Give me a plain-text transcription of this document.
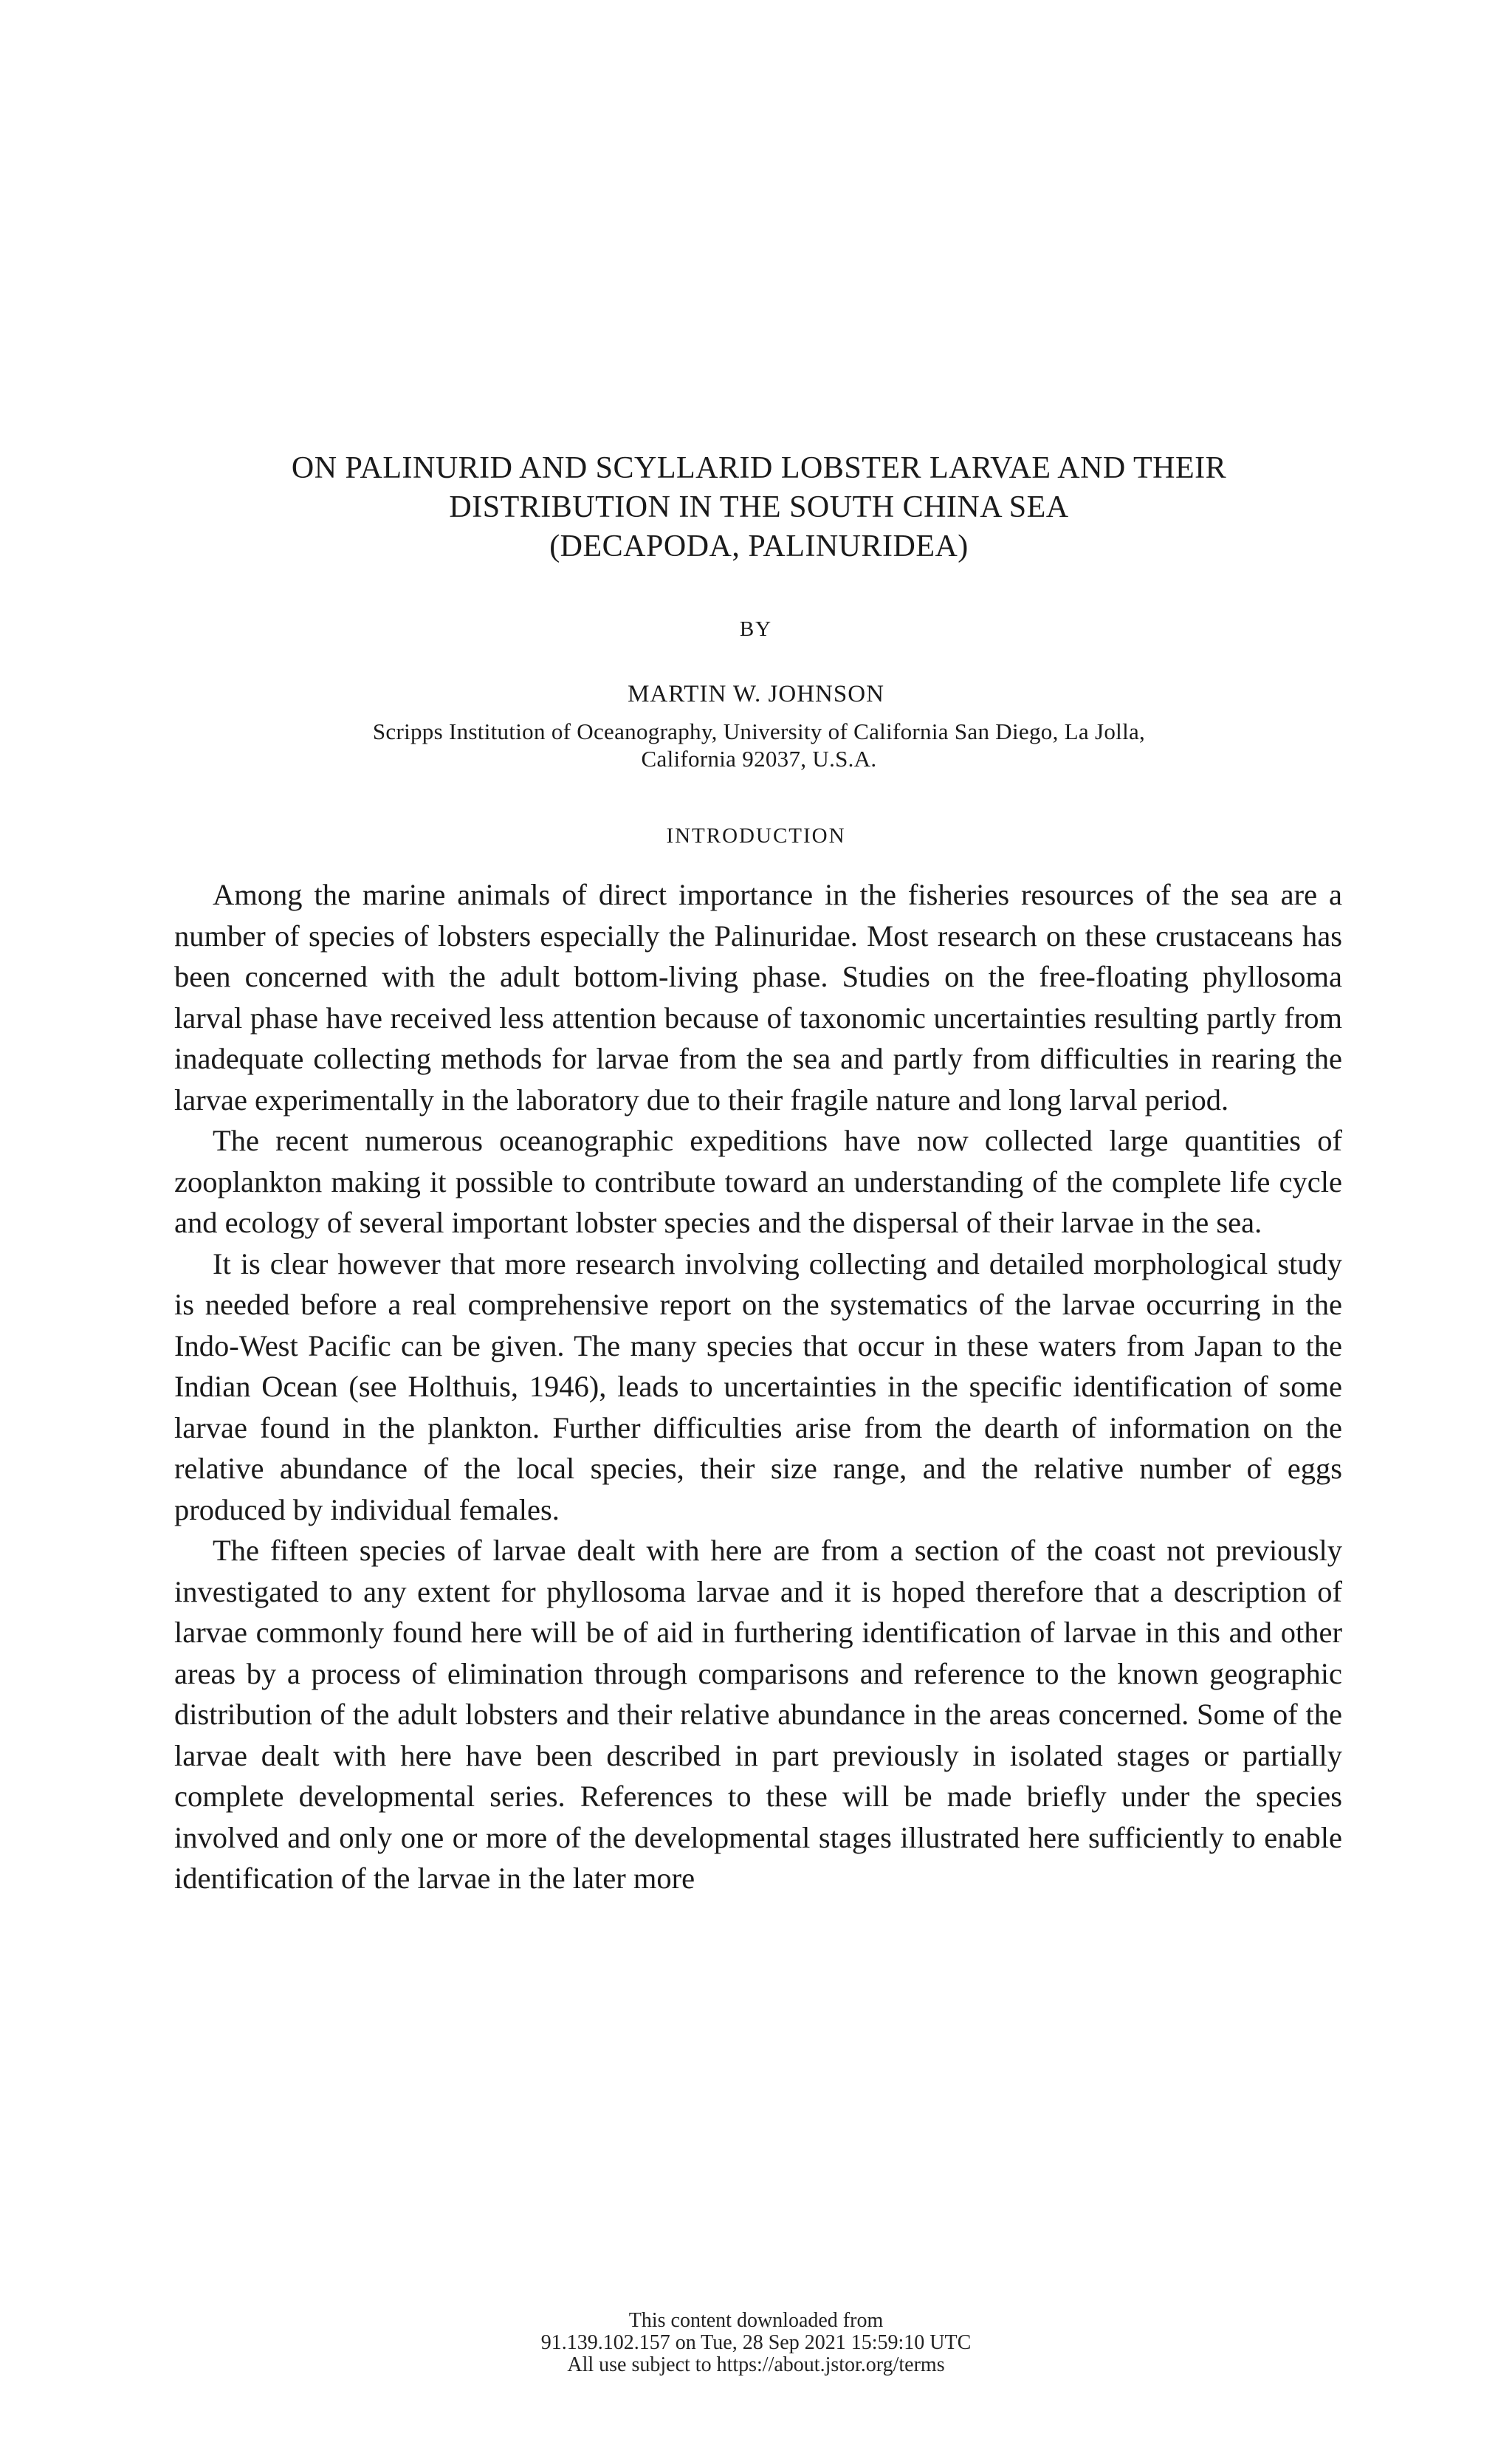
ON PALINURID AND SCYLLARID LOBSTER LARVAE AND THEIR
DISTRIBUTION IN THE SOUTH CHINA SEA
(DECAPODA, PALINURIDEA)
BY
MARTIN W. JOHNSON
Scripps Institution of Oceanography, University of California San Diego, La Jolla,
California 92037, U.S.A.
INTRODUCTION

Among the marine animals of direct importance in the fisheries resources of the sea are a number of species of lobsters especially the Palinuridae. Most research on these crustaceans has been concerned with the adult bottom-living phase. Studies on the free-floating phyllosoma larval phase have received less attention because of taxonomic uncertainties resulting partly from inadequate collecting methods for larvae from the sea and partly from difficulties in rearing the larvae experimentally in the laboratory due to their fragile nature and long larval period.

The recent numerous oceanographic expeditions have now collected large quantities of zooplankton making it possible to contribute toward an understanding of the complete life cycle and ecology of several important lobster species and the dispersal of their larvae in the sea.

It is clear however that more research involving collecting and detailed morphological study is needed before a real comprehensive report on the systematics of the larvae occurring in the Indo-West Pacific can be given. The many species that occur in these waters from Japan to the Indian Ocean (see Holthuis, 1946), leads to uncertainties in the specific identification of some larvae found in the plankton. Further difficulties arise from the dearth of information on the relative abundance of the local species, their size range, and the relative number of eggs produced by individual females.

The fifteen species of larvae dealt with here are from a section of the coast not previously investigated to any extent for phyllosoma larvae and it is hoped therefore that a description of larvae commonly found here will be of aid in furthering identification of larvae in this and other areas by a process of elimination through comparisons and reference to the known geographic distribution of the adult lobsters and their relative abundance in the areas concerned. Some of the larvae dealt with here have been described in part previously in isolated stages or partially complete developmental series. References to these will be made briefly under the species involved and only one or more of the developmental stages illustrated here sufficiently to enable identification of the larvae in the later more

This content downloaded from
91.139.102.157 on Tue, 28 Sep 2021 15:59:10 UTC
All use subject to https://about.jstor.org/terms
